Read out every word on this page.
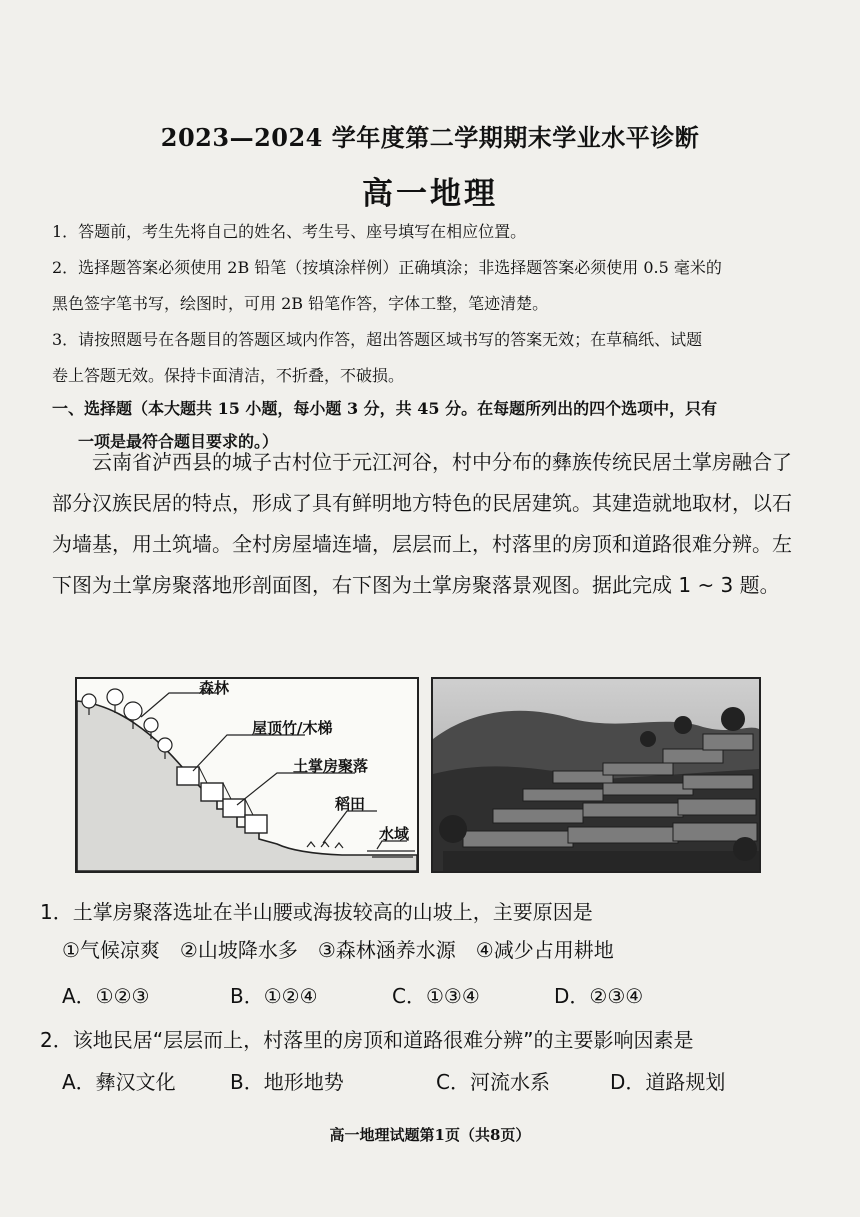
2023—2024 学年度第二学期期末学业水平诊断
高一地理

1．答题前，考生先将自己的姓名、考生号、座号填写在相应位置。

2．选择题答案必须使用 2B 铅笔（按填涂样例）正确填涂；非选择题答案必须使用 0.5 毫米的

黑色签字笔书写，绘图时，可用 2B 铅笔作答，字体工整，笔迹清楚。

3．请按照题号在各题目的答题区域内作答，超出答题区域书写的答案无效；在草稿纸、试题

卷上答题无效。保持卡面清洁，不折叠，不破损。

一、选择题（本大题共 15 小题，每小题 3 分，共 45 分。在每题所列出的四个选项中，只有
一项是最符合题目要求的。）
云南省泸西县的城子古村位于元江河谷，村中分布的彝族传统民居土掌房融合了部分汉族民居的特点，形成了具有鲜明地方特色的民居建筑。其建造就地取材，以石为墙基，用土筑墙。全村房屋墙连墙，层层而上，村落里的房顶和道路很难分辨。左下图为土掌房聚落地形剖面图，右下图为土掌房聚落景观图。据此完成 1 ~ 3 题。
森林
屋顶竹/木梯
土掌房聚落
稻田
水域
1．土掌房聚落选址在半山腰或海拔较高的山坡上，主要原因是
①气候凉爽　②山坡降水多　③森林涵养水源　④减少占用耕地
A．①②③	B．①②④	C．①③④	D．②③④
2．该地民居“层层而上，村落里的房顶和道路很难分辨”的主要影响因素是
A．彝汉文化	B．地形地势	C．河流水系	D．道路规划
高一地理试题第1页（共8页）
